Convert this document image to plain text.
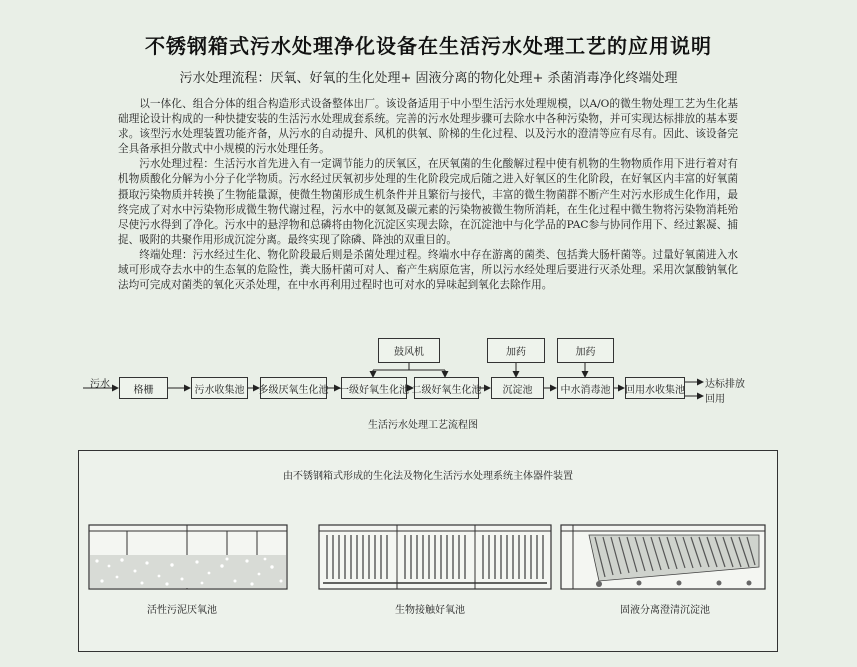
不锈钢箱式污水处理净化设备在生活污水处理工艺的应用说明
污水处理流程：厌氧、好氧的生化处理+ 固液分离的物化处理+ 杀菌消毒净化终端处理

以一体化、组合分体的组合构造形式设备整体出厂。该设备适用于中小型生活污水处理规模，以A/O的微生物处理工艺为生化基础理论设计构成的一种快捷安装的生活污水处理成套系统。完善的污水处理步骤可去除水中各种污染物，并可实现达标排放的基本要求。该型污水处理装置功能齐备，从污水的自动提升、风机的供氧、阶梯的生化过程、以及污水的澄清等应有尽有。因此、该设备完全具备承担分散式中小规模的污水处理任务。

污水处理过程：生活污水首先进入有一定调节能力的厌氧区，在厌氧菌的生化酸解过程中使有机物的生物物质作用下进行着对有机物质酸化分解为小分子化学物质。污水经过厌氧初步处理的生化阶段完成后随之进入好氧区的生化阶段，在好氧区内丰富的好氧菌摄取污染物质并转换了生物能量源，使微生物菌形成生机条件并且繁衍与接代，丰富的微生物菌群不断产生对污水形成生化作用，最终完成了对水中污染物形成微生物代谢过程，污水中的氨氮及碳元素的污染物被微生物所消耗，在生化过程中微生物将污染物消耗殆尽使污水得到了净化。污水中的悬浮物和总磷将由物化沉淀区实现去除，在沉淀池中与化学品的PAC参与协同作用下、经过絮凝、捕捉、吸附的共聚作用形成沉淀分离。最终实现了除磷、降浊的双重目的。

终端处理：污水经过生化、物化阶段最后则是杀菌处理过程。终端水中存在游离的菌类、包括粪大肠杆菌等。过量好氧菌进入水域可形成夺去水中的生态氧的危险性，粪大肠杆菌可对人、畜产生病原危害，所以污水经处理后要进行灭杀处理。采用次氯酸钠氧化法均可完成对菌类的氧化灭杀处理，在中水再利用过程时也可对水的异味起到氧化去除作用。

污水	格栅	污水收集池	多级厌氧生化池 一级好氧生化池 二级好氧生化池	沉淀池	中水消毒池	回用水收集池
鼓风机	加药	加药
达标排放
回用
生活污水处理工艺流程图
由不锈钢箱式形成的生化法及物化生活污水处理系统主体器件装置
活性污泥厌氧池	生物接触好氧池	固液分离澄清沉淀池
